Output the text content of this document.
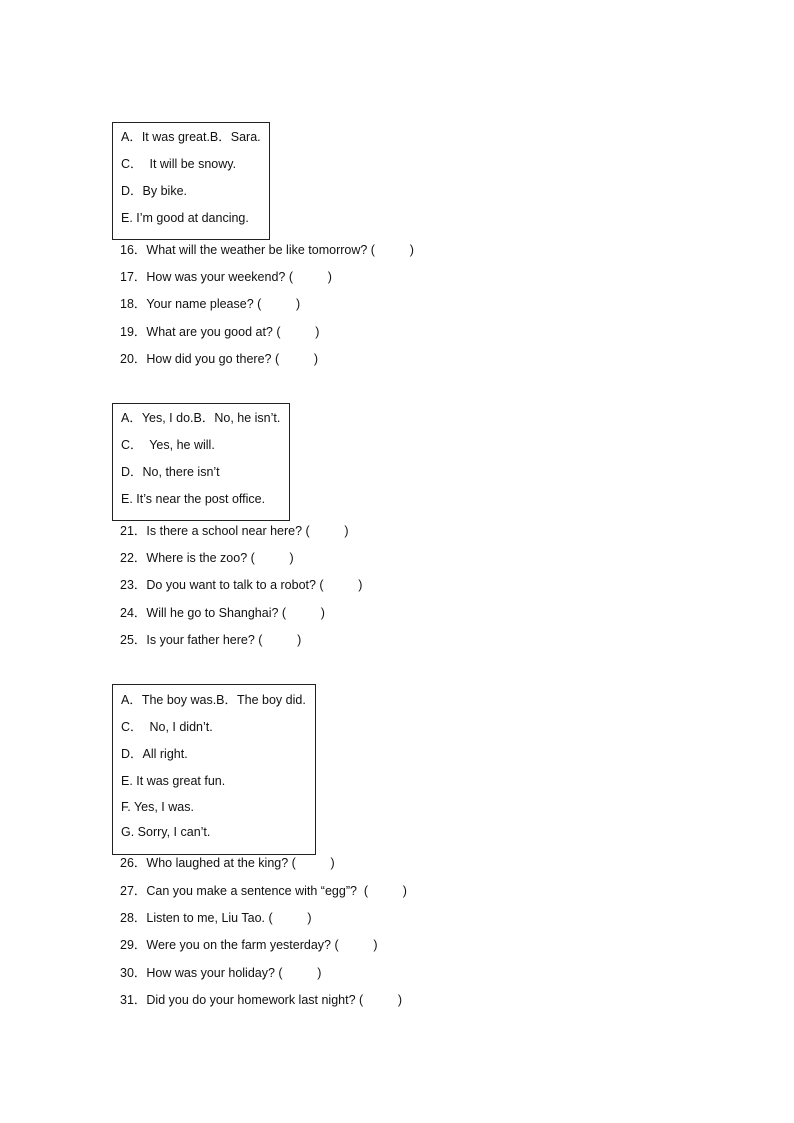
A．It was great.B．Sara.
C．  It will be snowy.
D．By bike.
E. I’m good at dancing.
16．What will the weather be like tomorrow? (          )
17．How was your weekend? (          )
18．Your name please? (          )
19．What are you good at? (          )
20．How did you go there? (          )
A．Yes, I do.B．No, he isn’t.
C．  Yes, he will.
D．No, there isn’t
E. It’s near the post office.
21．Is there a school near here? (          )
22．Where is the zoo? (          )
23．Do you want to talk to a robot? (          )
24．Will he go to Shanghai? (          )
25．Is your father here? (          )
A．The boy was.B．The boy did.
C．  No, I didn’t.
D．All right.
E. It was great fun.
F. Yes, I was.
G. Sorry, I can’t.
26．Who laughed at the king? (          )
27．Can you make a sentence with “egg”?  (          )
28．Listen to me, Liu Tao. (          )
29．Were you on the farm yesterday? (          )
30．How was your holiday? (          )
31．Did you do your homework last night? (          )
